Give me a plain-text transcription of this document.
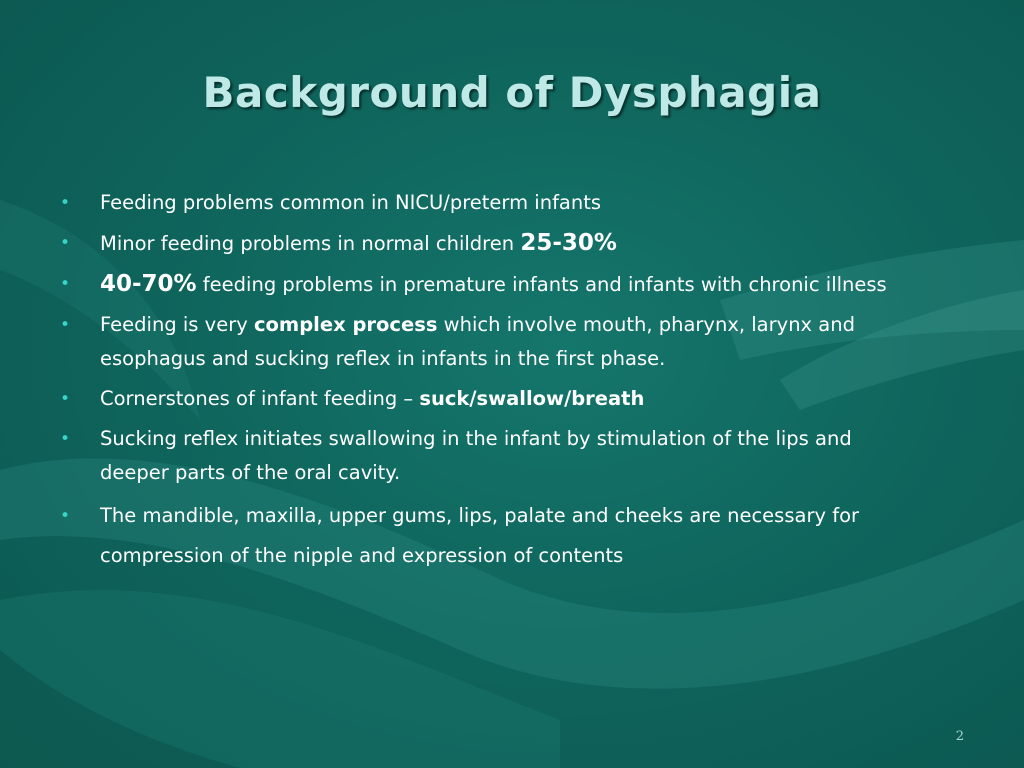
Background of Dysphagia
• Feeding problems common in NICU/preterm infants
• Minor feeding problems in normal children 25-30%
• 40-70% feeding problems in premature infants and infants with chronic illness
• Feeding is very complex process which involve mouth, pharynx, larynx and esophagus and sucking reflex in infants in the first phase.
• Cornerstones of infant feeding – suck/swallow/breath
• Sucking reflex initiates swallowing in the infant by stimulation of the lips and deeper parts of the oral cavity.
• The mandible, maxilla, upper gums, lips, palate and cheeks are necessary for compression of the nipple and expression of contents
2
